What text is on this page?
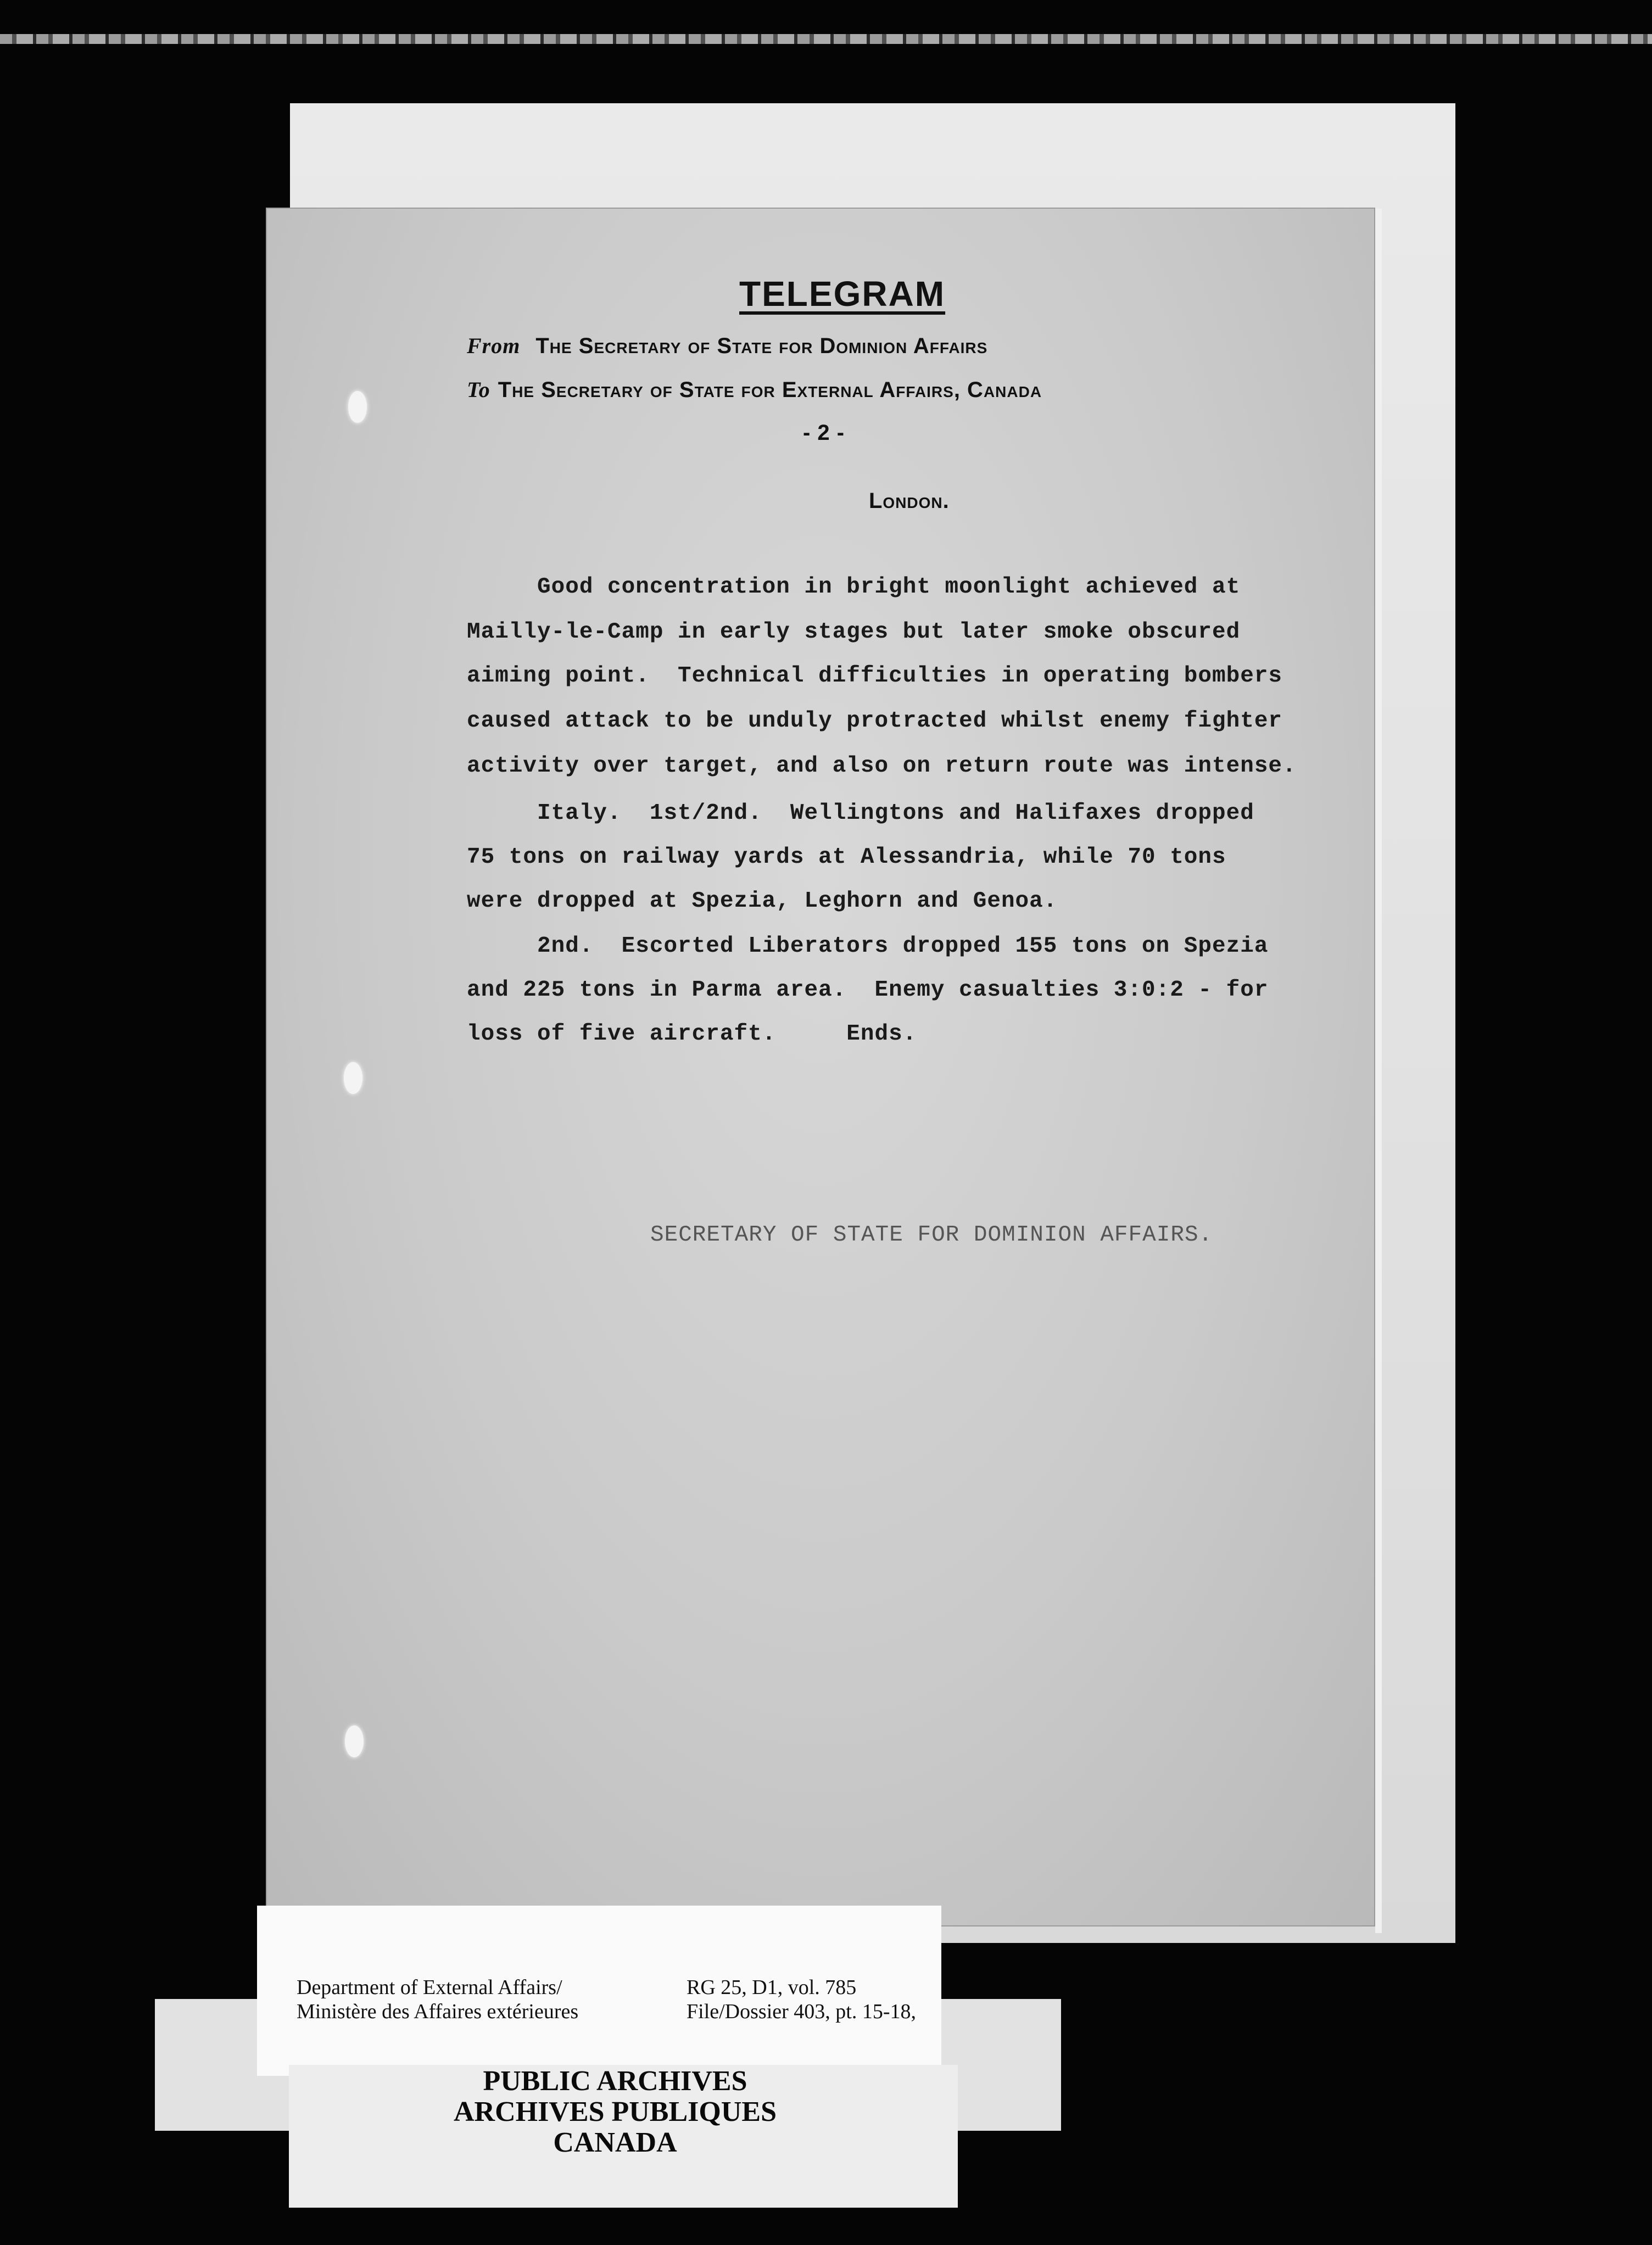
TELEGRAM
From The Secretary of State for Dominion Affairs
To The Secretary of State for External Affairs, Canada
- 2 -
London.
Good concentration in bright moonlight achieved at
Mailly-le-Camp in early stages but later smoke obscured
aiming point.  Technical difficulties in operating bombers
caused attack to be unduly protracted whilst enemy fighter
activity over target, and also on return route was intense.
Italy.  1st/2nd.  Wellingtons and Halifaxes dropped
75 tons on railway yards at Alessandria, while 70 tons
were dropped at Spezia, Leghorn and Genoa.
2nd.  Escorted Liberators dropped 155 tons on Spezia
and 225 tons in Parma area.  Enemy casualties 3:0:2 - for
loss of five aircraft.     Ends.
SECRETARY OF STATE FOR DOMINION AFFAIRS.
Department of External Affairs/
Ministère des Affaires extérieures
RG 25, D1, vol. 785
File/Dossier 403, pt. 15-18,
PUBLIC ARCHIVES
ARCHIVES PUBLIQUES
CANADA
